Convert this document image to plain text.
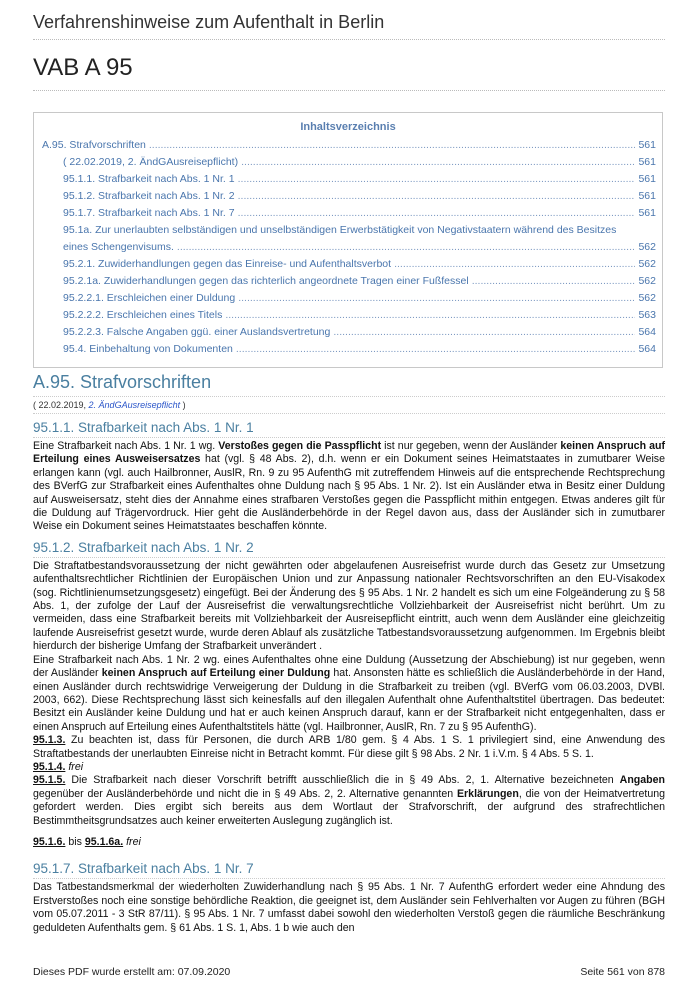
Verfahrenshinweise zum Aufenthalt in Berlin
VAB A 95
Inhaltsverzeichnis
A.95. Strafvorschriften .....	561
( 22.02.2019, 2. ÄndGAusreisepflicht) .....	561
95.1.1. Strafbarkeit nach Abs. 1 Nr. 1 .....	561
95.1.2. Strafbarkeit nach Abs. 1 Nr. 2 .....	561
95.1.7. Strafbarkeit nach Abs. 1 Nr. 7 .....	561
95.1a. Zur unerlaubten selbständigen und unselbständigen Erwerbstätigkeit von Negativstaatern während des Besitzes
eines Schengenvisums. .....	562
95.2.1. Zuwiderhandlungen gegen das Einreise- und Aufenthaltsverbot .....	562
95.2.1a. Zuwiderhandlungen gegen das richterlich angeordnete Tragen einer Fußfessel .....	562
95.2.2.1. Erschleichen einer Duldung .....	562
95.2.2.2. Erschleichen eines Titels .....	563
95.2.2.3. Falsche Angaben ggü. einer Auslandsvertretung .....	564
95.4. Einbehaltung von Dokumenten .....	564
A.95. Strafvorschriften
( 22.02.2019, 2. ÄndGAusreisepflicht )
95.1.1. Strafbarkeit nach Abs. 1 Nr. 1

Eine Strafbarkeit nach Abs. 1 Nr. 1 wg. Verstoßes gegen die Passpflicht ist nur gegeben, wenn der Ausländer keinen Anspruch auf Erteilung eines Ausweisersatzes hat (vgl. § 48 Abs. 2), d.h. wenn er ein Dokument seines Heimatstaates in zumutbarer Weise erlangen kann (vgl. auch Hailbronner, AuslR, Rn. 9 zu 95 AufenthG mit zutreffendem Hinweis auf die entsprechende Rechtsprechung des BVerfG zur Strafbarkeit eines Aufenthaltes ohne Duldung nach § 95 Abs. 1 Nr. 2). Ist ein Ausländer etwa in Besitz einer Duldung auf Ausweisersatz, steht dies der Annahme eines strafbaren Verstoßes gegen die Passpflicht mithin entgegen. Etwas anderes gilt für die Duldung auf Trägervordruck. Hier geht die Ausländerbehörde in der Regel davon aus, dass der Ausländer sich in zumutbarer Weise ein Dokument seines Heimatstaates beschaffen könnte.

95.1.2. Strafbarkeit nach Abs. 1 Nr. 2

Die Straftatbestandsvoraussetzung der nicht gewährten oder abgelaufenen Ausreisefrist wurde durch das Gesetz zur Umsetzung aufenthaltsrechtlicher Richtlinien der Europäischen Union und zur Anpassung nationaler Rechtsvorschriften an den EU-Visakodex (sog. Richtlinienumsetzungsgesetz) eingefügt. Bei der Änderung des § 95 Abs. 1 Nr. 2 handelt es sich um eine Folgeänderung zu § 58 Abs. 1, der zufolge der Lauf der Ausreisefrist die verwaltungsrechtliche Vollziehbarkeit der Ausreisefrist nicht berührt. Um zu vermeiden, dass eine Strafbarkeit bereits mit Vollziehbarkeit der Ausreisepflicht eintritt, auch wenn dem Ausländer eine gleichzeitig laufende Ausreisefrist gesetzt wurde, wurde deren Ablauf als zusätzliche Tatbestandsvoraussetzung aufgenommen. Im Ergebnis bleibt hierdurch der bisherige Umfang der Strafbarkeit unverändert .

Eine Strafbarkeit nach Abs. 1 Nr. 2 wg. eines Aufenthaltes ohne eine Duldung (Aussetzung der Abschiebung) ist nur gegeben, wenn der Ausländer keinen Anspruch auf Erteilung einer Duldung hat. Ansonsten hätte es schließlich die Ausländerbehörde in der Hand, einen Ausländer durch rechtswidrige Verweigerung der Duldung in die Strafbarkeit zu treiben (vgl. BVerfG vom 06.03.2003, DVBl. 2003, 662). Diese Rechtsprechung lässt sich keinesfalls auf den illegalen Aufenthalt ohne Aufenthaltstitel übertragen. Das bedeutet: Besitzt ein Ausländer keine Duldung und hat er auch keinen Anspruch darauf, kann er der Strafbarkeit nicht entgegenhalten, dass er einen Anspruch auf Erteilung eines Aufenthaltstitels hätte (vgl. Hailbronner, AuslR, Rn. 7 zu § 95 AufenthG).

95.1.3. Zu beachten ist, dass für Personen, die durch ARB 1/80 gem. § 4 Abs. 1 S. 1 privilegiert sind, eine Anwendung des Straftatbestands der unerlaubten Einreise nicht in Betracht kommt. Für diese gilt § 98 Abs. 2 Nr. 1 i.V.m. § 4 Abs. 5 S. 1.

95.1.4. frei

95.1.5. Die Strafbarkeit nach dieser Vorschrift betrifft ausschließlich die in § 49 Abs. 2, 1. Alternative bezeichneten Angaben gegenüber der Ausländerbehörde und nicht die in § 49 Abs. 2, 2. Alternative genannten Erklärungen, die von der Heimatvertretung gefordert werden. Dies ergibt sich bereits aus dem Wortlaut der Strafvorschrift, der aufgrund des strafrechtlichen Bestimmtheitsgrundsatzes auch keiner erweiterten Auslegung zugänglich ist.

95.1.6. bis 95.1.6a. frei

95.1.7. Strafbarkeit nach Abs. 1 Nr. 7

Das Tatbestandsmerkmal der wiederholten Zuwiderhandlung nach § 95 Abs. 1 Nr. 7 AufenthG erfordert weder eine Ahndung des Erstverstoßes noch eine sonstige behördliche Reaktion, die geeignet ist, dem Ausländer sein Fehlverhalten vor Augen zu führen (BGH vom 05.07.2011 - 3 StR 87/11). § 95 Abs. 1 Nr. 7 umfasst dabei sowohl den wiederholten Verstoß gegen die räumliche Beschränkung geduldeten Aufenthalts gem. § 61 Abs. 1 S. 1, Abs. 1 b wie auch den

Dieses PDF wurde erstellt am: 07.09.2020	Seite 561 von 878
